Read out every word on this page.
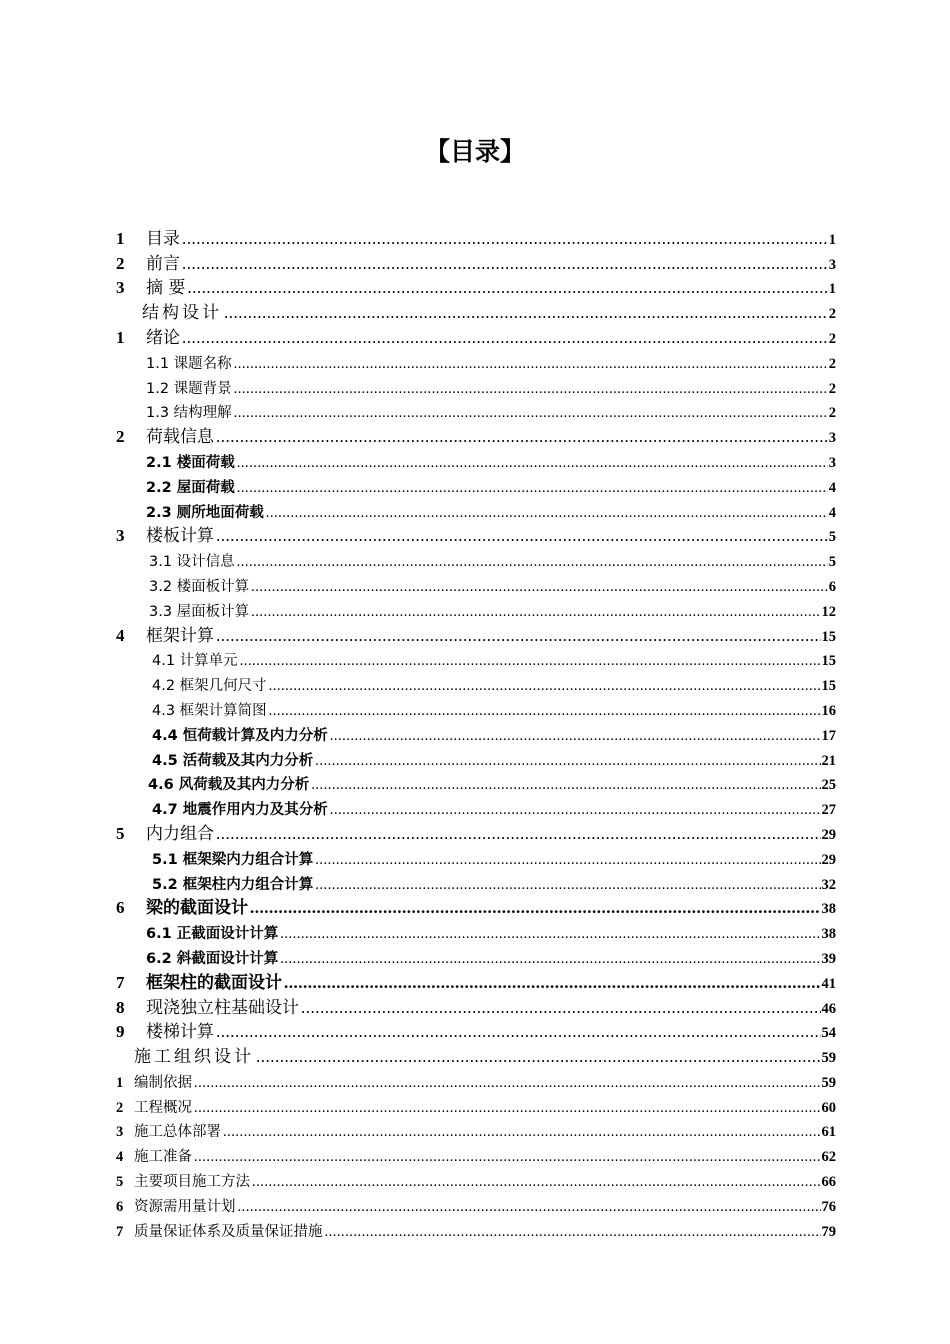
【目录】
1 目录 .....	1
2 前言 .....	3
3 摘 要 .....	1
结构设计 .....	2
1 绪论 .....	2
1.1 课题名称 .....	2
1.2 课题背景 .....	2
1.3 结构理解 .....	2
2 荷载信息 .....	3
2.1 楼面荷载 .....	3
2.2 屋面荷载 .....	4
2.3 厕所地面荷载 .....	4
3 楼板计算 .....	5
3.1 设计信息 .....	5
3.2 楼面板计算 .....	6
3.3 屋面板计算 .....	12
4 框架计算 .....	15
4.1 计算单元 .....	15
4.2 框架几何尺寸 .....	15
4.3 框架计算简图 .....	16
4.4 恒荷载计算及内力分析 .....	17
4.5 活荷载及其内力分析 .....	21
4.6 风荷载及其内力分析 .....	25
4.7 地震作用内力及其分析 .....	27
5 内力组合 .....	29
5.1 框架梁内力组合计算 .....	29
5.2 框架柱内力组合计算 .....	32
6 梁的截面设计 .....	38
6.1 正截面设计计算 .....	38
6.2 斜截面设计计算 .....	39
7 框架柱的截面设计 .....	41
8 现浇独立柱基础设计 .....	46
9 楼梯计算 .....	54
施工组织设计 .....	59
1 编制依据 .....	59
2 工程概况 .....	60
3 施工总体部署 .....	61
4 施工准备 .....	62
5 主要项目施工方法 .....	66
6 资源需用量计划 .....	76
7 质量保证体系及质量保证措施 .....	79
